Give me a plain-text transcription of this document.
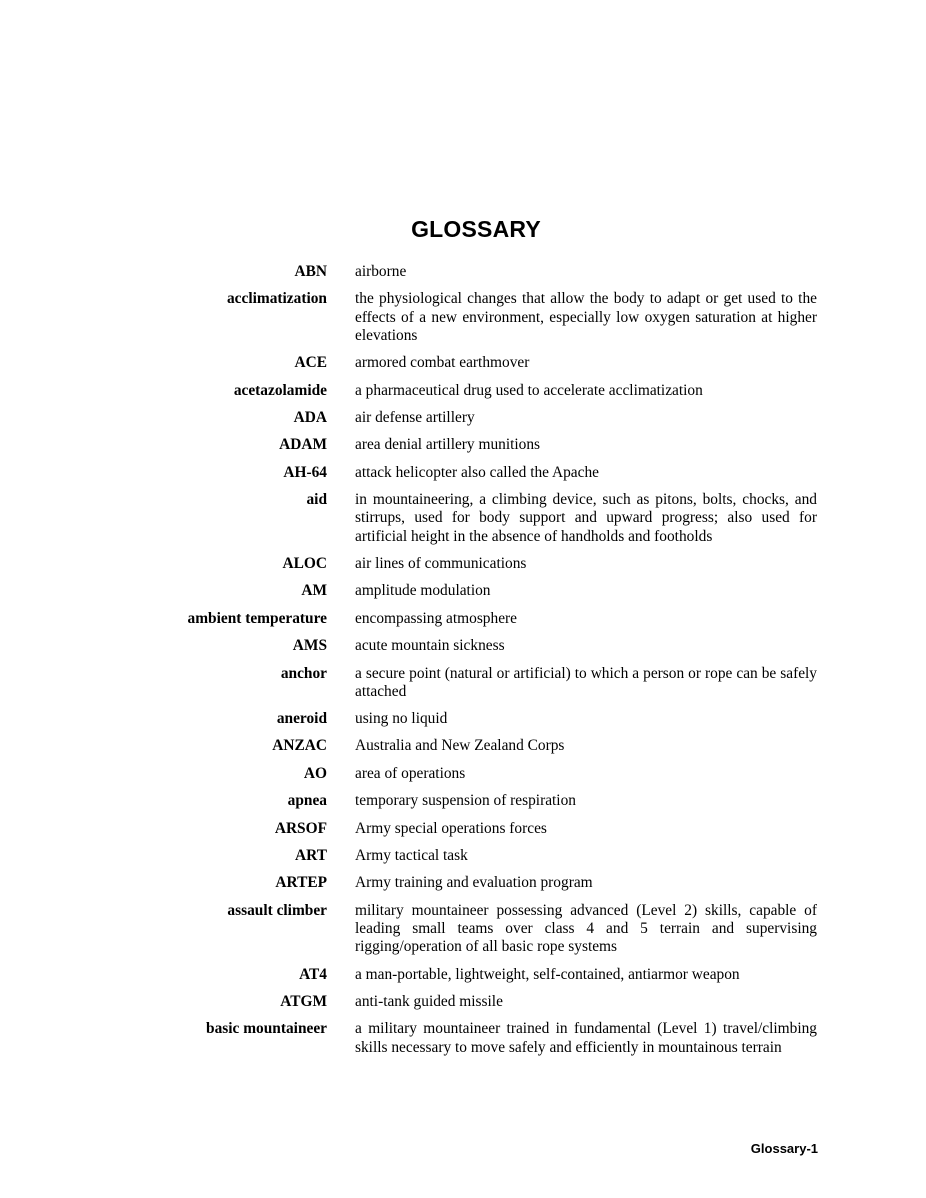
GLOSSARY
ABN airborne
acclimatization the physiological changes that allow the body to adapt or get used to the effects of a new environment, especially low oxygen saturation at higher elevations
ACE armored combat earthmover
acetazolamide a pharmaceutical drug used to accelerate acclimatization
ADA air defense artillery
ADAM area denial artillery munitions
AH-64 attack helicopter also called the Apache
aid in mountaineering, a climbing device, such as pitons, bolts, chocks, and stirrups, used for body support and upward progress; also used for artificial height in the absence of handholds and footholds
ALOC air lines of communications
AM amplitude modulation
ambient temperature encompassing atmosphere
AMS acute mountain sickness
anchor a secure point (natural or artificial) to which a person or rope can be safely attached
aneroid using no liquid
ANZAC Australia and New Zealand Corps
AO area of operations
apnea temporary suspension of respiration
ARSOF Army special operations forces
ART Army tactical task
ARTEP Army training and evaluation program
assault climber military mountaineer possessing advanced (Level 2) skills, capable of leading small teams over class 4 and 5 terrain and supervising rigging/operation of all basic rope systems
AT4 a man-portable, lightweight, self-contained, antiarmor weapon
ATGM anti-tank guided missile
basic mountaineer a military mountaineer trained in fundamental (Level 1) travel/climbing skills necessary to move safely and efficiently in mountainous terrain
Glossary-1
